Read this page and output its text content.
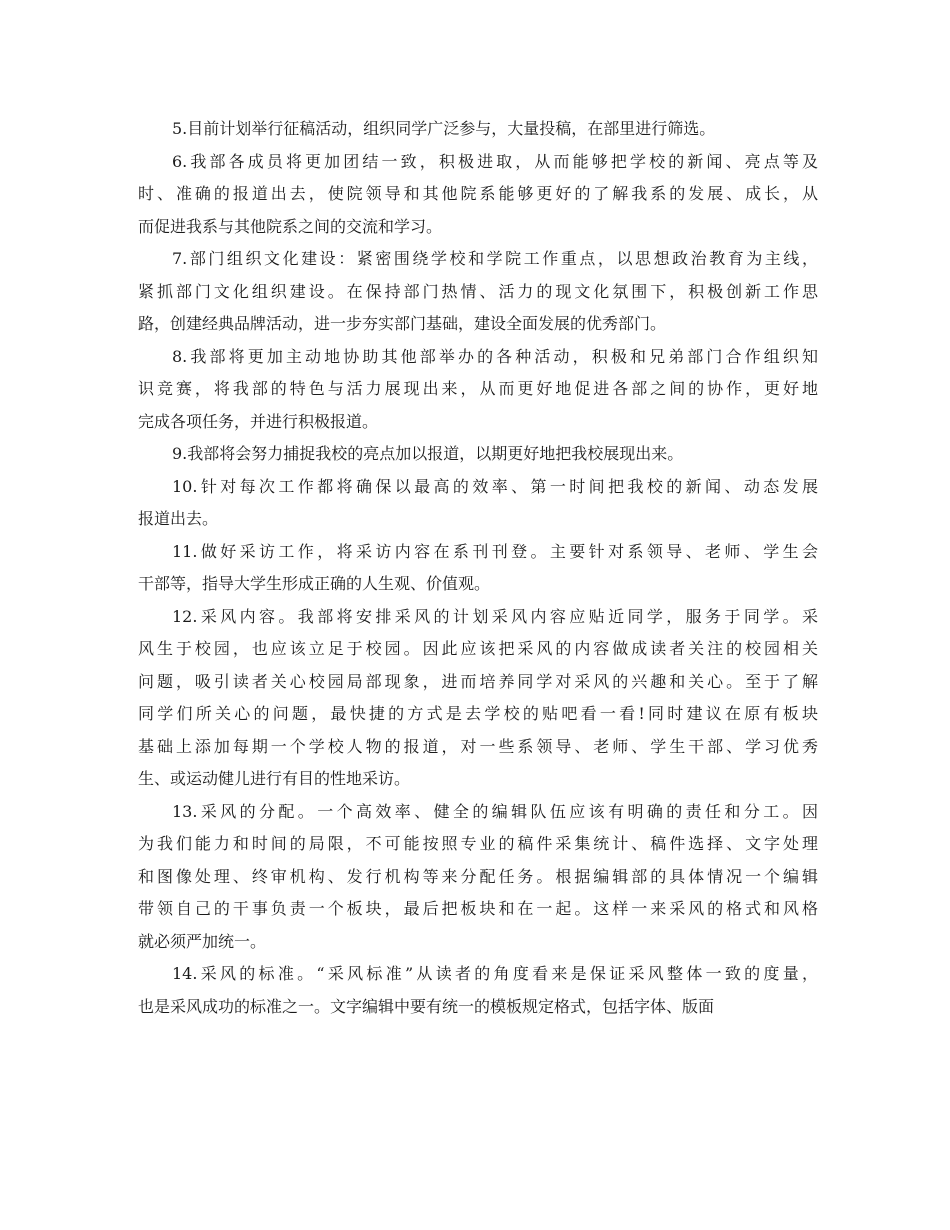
5.目前计划举行征稿活动，组织同学广泛参与，大量投稿，在部里进行筛选。
6.我部各成员将更加团结一致，积极进取，从而能够把学校的新闻、亮点等及
时、准确的报道出去，使院领导和其他院系能够更好的了解我系的发展、成长，从
而促进我系与其他院系之间的交流和学习。
7.部门组织文化建设：紧密围绕学校和学院工作重点，以思想政治教育为主线，
紧抓部门文化组织建设。在保持部门热情、活力的现文化氛围下，积极创新工作思
路，创建经典品牌活动，进一步夯实部门基础，建设全面发展的优秀部门。
8.我部将更加主动地协助其他部举办的各种活动，积极和兄弟部门合作组织知
识竞赛，将我部的特色与活力展现出来，从而更好地促进各部之间的协作，更好地
完成各项任务，并进行积极报道。
9.我部将会努力捕捉我校的亮点加以报道，以期更好地把我校展现出来。
10.针对每次工作都将确保以最高的效率、第一时间把我校的新闻、动态发展
报道出去。
11.做好采访工作，将采访内容在系刊刊登。主要针对系领导、老师、学生会
干部等，指导大学生形成正确的人生观、价值观。
12.采风内容。我部将安排采风的计划采风内容应贴近同学，服务于同学。采
风生于校园，也应该立足于校园。因此应该把采风的内容做成读者关注的校园相关
问题，吸引读者关心校园局部现象，进而培养同学对采风的兴趣和关心。至于了解
同学们所关心的问题，最快捷的方式是去学校的贴吧看一看!同时建议在原有板块
基础上添加每期一个学校人物的报道，对一些系领导、老师、学生干部、学习优秀
生、或运动健儿进行有目的性地采访。
13.采风的分配。一个高效率、健全的编辑队伍应该有明确的责任和分工。因
为我们能力和时间的局限，不可能按照专业的稿件采集统计、稿件选择、文字处理
和图像处理、终审机构、发行机构等来分配任务。根据编辑部的具体情况一个编辑
带领自己的干事负责一个板块，最后把板块和在一起。这样一来采风的格式和风格
就必须严加统一。
14.采风的标准。“采风标准”从读者的角度看来是保证采风整体一致的度量，
也是采风成功的标准之一。文字编辑中要有统一的模板规定格式，包括字体、版面
